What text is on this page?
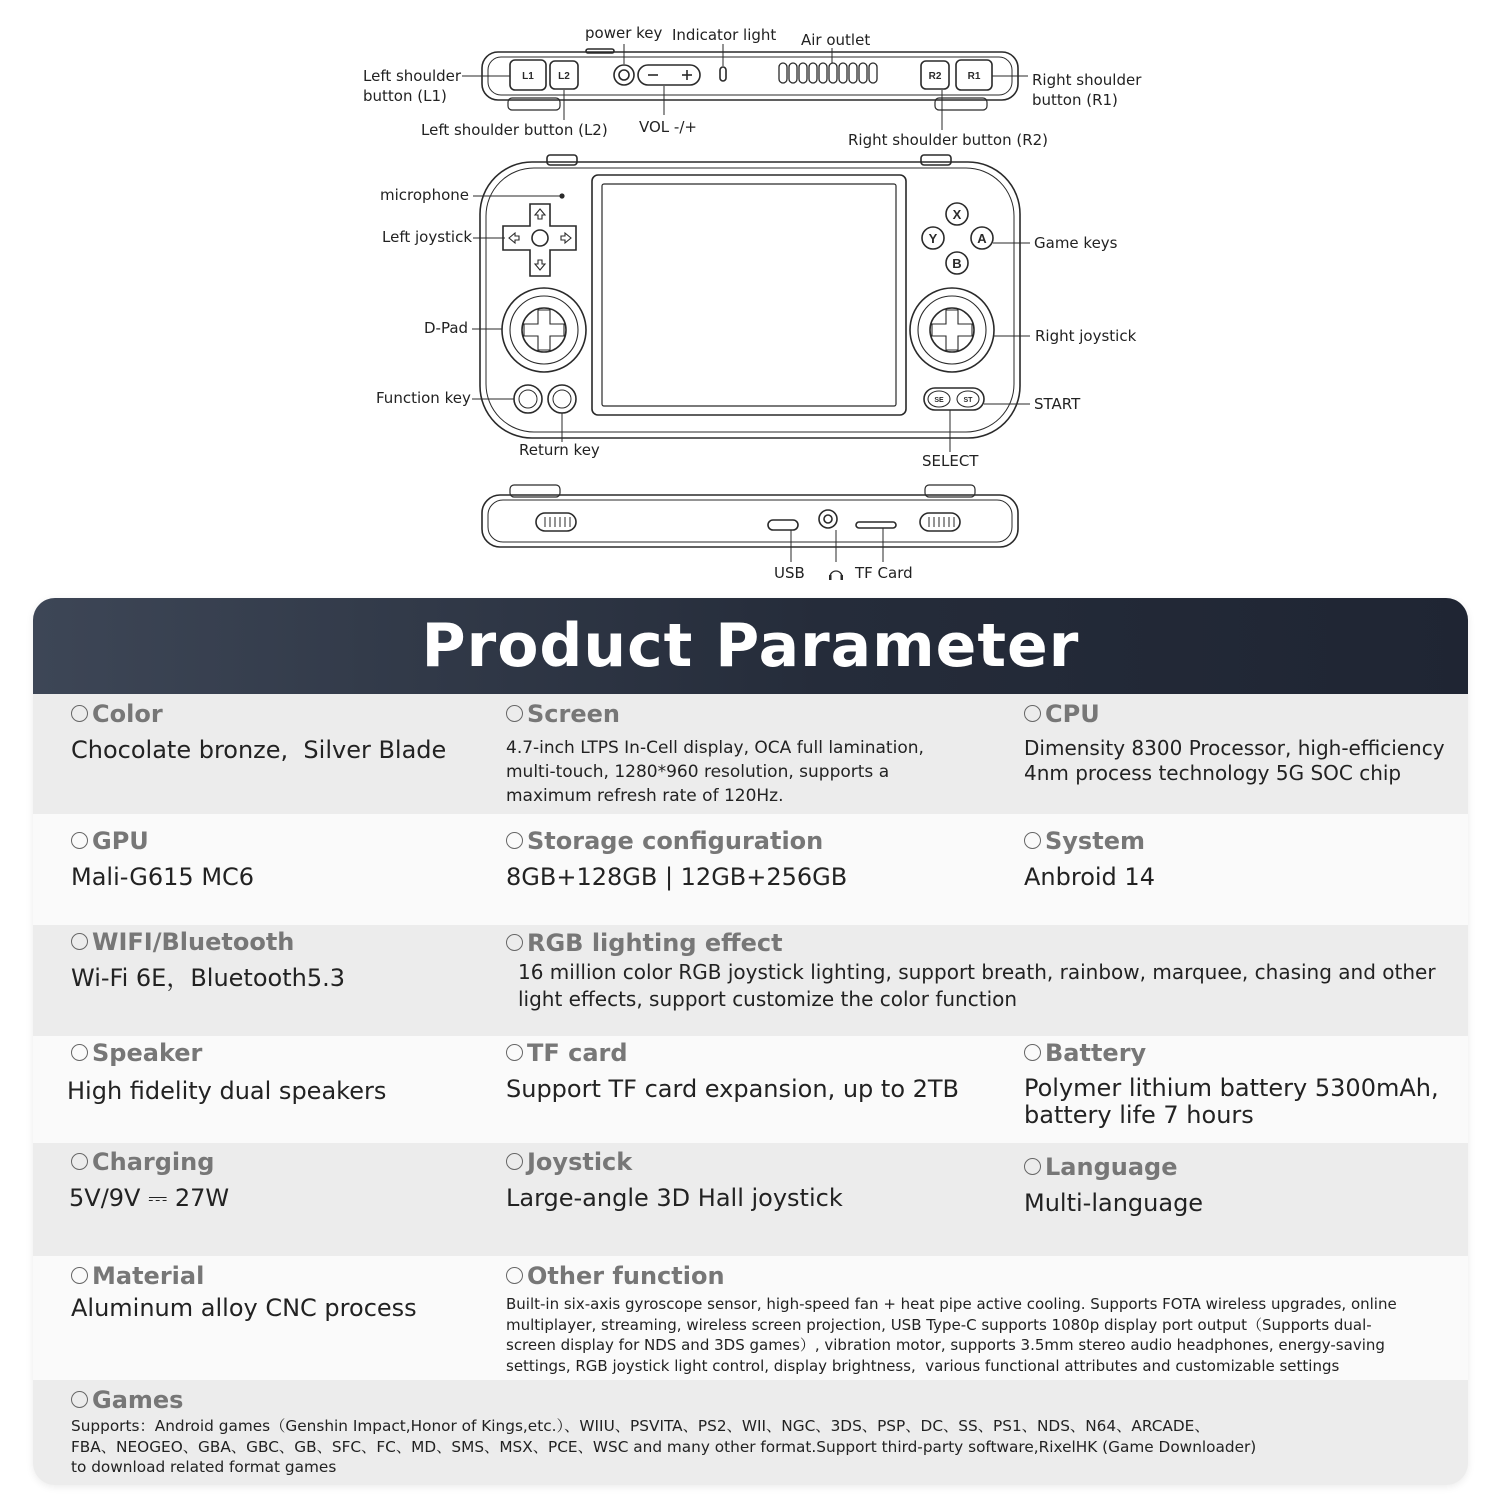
L1 L2	R1
R2
X
Y	A
B
SE	ST
power key Indicator light Air outlet
Left shoulder
button (L1)
Right shoulder
button (R1)
Left shoulder button (L2) VOL -/+
Right shoulder button (R2)
microphone
Left joystick
D-Pad
Function key
Return key
Game keys
Right joystick
START
SELECT
USB	TF Card
Product Parameter
Color
Chocolate bronze,  Silver Blade
Screen
4.7-inch LTPS In-Cell display, OCA full lamination,
multi-touch, 1280*960 resolution, supports a
maximum refresh rate of 120Hz.
CPU
Dimensity 8300 Processor, high-efficiency
4nm process technology 5G SOC chip
GPU
Mali-G615 MC6
Storage configuration
8GB+128GB | 12GB+256GB
System
Anbroid 14
WIFI/Bluetooth
Wi-Fi 6E，Bluetooth5.3
RGB lighting effect
16 million color RGB joystick lighting, support breath, rainbow, marquee, chasing and other
light effects, support customize the color function
Speaker
High fidelity dual speakers
TF card
Support TF card expansion, up to 2TB
Battery
Polymer lithium battery 5300mAh,
battery life 7 hours
Charging
5V/9V ⎓ 27W
Joystick
Large-angle 3D Hall joystick
Language
Multi-language
Material
Aluminum alloy CNC process
Other function
Built-in six-axis gyroscope sensor, high-speed fan + heat pipe active cooling. Supports FOTA wireless upgrades, online
multiplayer, streaming, wireless screen projection, USB Type-C supports 1080p display port output（Supports dual-
screen display for NDS and 3DS games）, vibration motor, supports 3.5mm stereo audio headphones, energy-saving
settings, RGB joystick light control, display brightness,  various functional attributes and customizable settings
Games
Supports：Android games（Genshin Impact,Honor of Kings,etc.）、WIIU、PSVITA、PS2、WII、NGC、3DS、PSP、DC、SS、PS1、NDS、N64、ARCADE、
FBA、NEOGEO、GBA、GBC、GB、SFC、FC、MD、SMS、MSX、PCE、WSC and many other format.Support third-party software,RixelHK (Game Downloader)
to download related format games
